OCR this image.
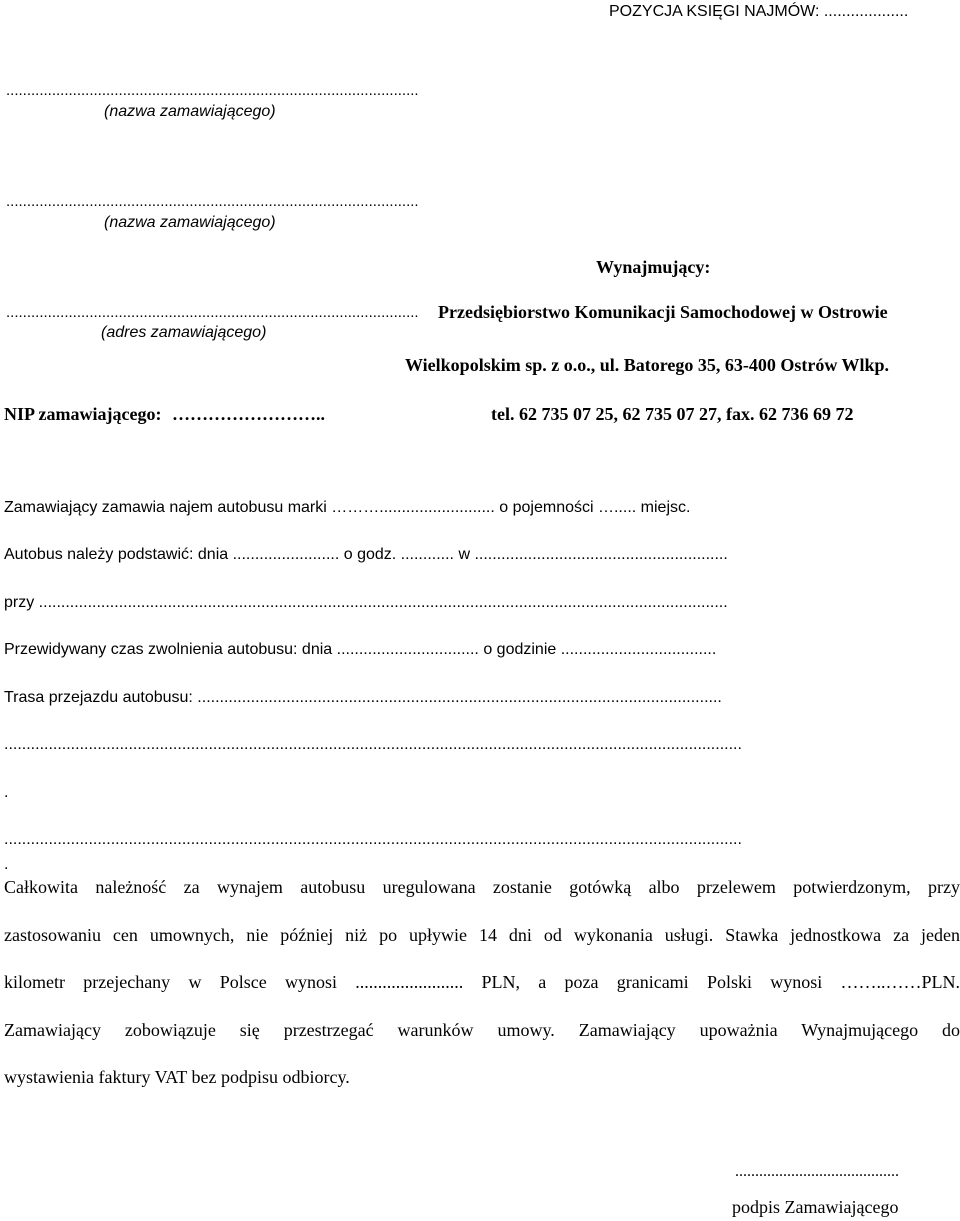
POZYCJA KSIĘGI NAJMÓW: ...................
...................................................................................................
(nazwa zamawiającego)
...................................................................................................
(nazwa zamawiającego)
Wynajmujący:
................................................................................................... Przedsiębiorstwo Komunikacji Samochodowej w Ostrowie
(adres zamawiającego)
Wielkopolskim sp. z o.o., ul. Batorego 35, 63-400 Ostrów Wlkp.
NIP zamawiającego: ……………………..	tel. 62 735 07 25, 62 735 07 27, fax. 62 736 69 72
Zamawiający zamawia najem autobusu marki ……….......................... o pojemności …..... miejsc.
Autobus należy podstawić: dnia ........................ o godz. ............ w .........................................................
przy ...........................................................................................................................................................
Przewidywany czas zwolnienia autobusu: dnia ................................ o godzinie ...................................
Trasa przejazdu autobusu: ......................................................................................................................
......................................................................................................................................................................
.
......................................................................................................................................................................
.
Całkowita należność za wynajem autobusu uregulowana zostanie gotówką albo przelewem potwierdzonym, przy
zastosowaniu cen umownych, nie później niż po upływie 14 dni od wykonania usługi. Stawka jednostkowa za jeden
kilometr przejechany w Polsce wynosi ........................ PLN, a poza granicami Polski wynosi ……..……PLN.
Zamawiający zobowiązuje się przestrzegać warunków umowy. Zamawiający upoważnia Wynajmującego do
wystawienia faktury VAT bez podpisu odbiorcy.
.........................................
podpis Zamawiającego
